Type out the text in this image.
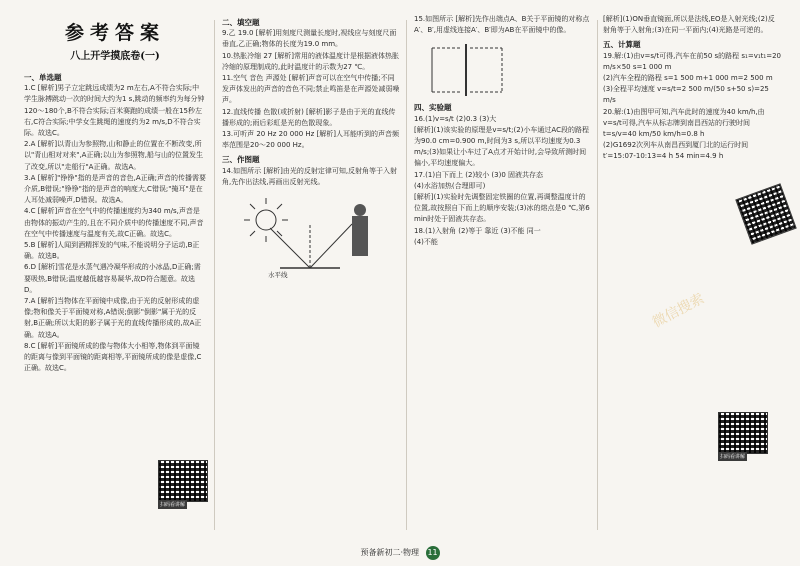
参考答案
八上开学摸底卷(一)
一、单选题

1.C [解析]男子立定跳远成绩为2 m左右,A不符合实际;中学生脉搏跳动一次的时间大约为1 s,跳动的频率约为每分钟120～180个,B不符合实际;百米赛跑的成绩一般在15秒左右,C符合实际;中学女生跳绳的速度约为2 m/s,D不符合实际。故选C。

2.A [解析]以青山为参照物,山和静止的位置在不断改变,所以"青山相对对来",A正确;以山为参照物,船与山的位置发生了改变,所以"走船行"A正确。故选A。

3.A [解析]"铮铮"指的是声音的音色,A正确;声音的传播需要介质,B错误;"铮铮"指的是声音的响度大,C错误;"掩耳"是在人耳处减弱噪声,D错误。故选A。

4.C [解析]声音在空气中的传播速度约为340 m/s,声音是由物体的振动产生的,且在不同介质中的传播速度不同,声音在空气中传播速度与温度有关,故C正确。故选C。

5.B [解析]人闻到酒精挥发的气味,不能说明分子运动,B正确。故选B。

6.D [解析]雪花是水蒸气遇冷凝华形成的小冰晶,D正确;需要吸热,B错误;温度越低越容易凝华,故D符合题意。故选D。

7.A [解析]当物体在平面镜中成像,由于光的反射形成的虚像;物和像关于平面镜对称,A错误;倒影"倒影"属于光的反射,B正确;所以太阳的影子属于光的直线传播形成的,故A正确。故选A。

8.C [解析]平面镜所成的像与物体大小相等,物体到平面镜的距离与像到平面镜的距离相等,平面镜所成的像是虚像,C正确。故选C。

二、填空题

9.乙 19.0 [解析]用刻度尺测量长度时,视线应与刻度尺面垂直,乙正确;物体的长度为19.0 mm。

10.热胀冷缩 27 [解析]常用的液体温度计是根据液体热胀冷缩的原理制成的,此时温度计的示数为27 ℃。

11.空气 音色 声源处 [解析]声音可以在空气中传播;不同发声体发出的声音的音色不同;禁止鸣笛是在声源处减弱噪声。

12.直线传播 色散(或折射) [解析]影子是由于光的直线传播形成的;雨后彩虹是光的色散现象。

13.可听声 20 Hz 20 000 Hz [解析]人耳能听到的声音频率范围是20～20 000 Hz。

三、作图题

14.如图所示 [解析]由光的反射定律可知,反射角等于入射角,先作出法线,再画出反射光线。

水平线

15.如图所示 [解析]先作出端点A、B关于平面镜的对称点A′、B′,用虚线连接A′、B′即为AB在平面镜中的像。

四、实验题

16.(1)v=s/t (2)0.3 (3)大

[解析](1)该实验的原理是v=s/t;(2)小车通过AC段的路程为90.0 cm=0.900 m,时间为3 s,所以平均速度为0.3 m/s;(3)如果让小车过了A点才开始计时,会导致所测时间偏小,平均速度偏大。

17.(1)自下而上 (2)较小 (3)0 固液共存态

(4)水浴加热(合理即可)

[解析](1)实验时先调整固定铁圈的位置,再调整温度计的位置,故按照自下而上的顺序安装;(3)冰的熔点是0 ℃,第6 min时处于固液共存态。

18.(1)入射角 (2)等于 靠近 (3)不能 同一

(4)不能

[解析](1)ON垂直镜面,所以是法线,EO是入射光线;(2)反射角等于入射角;(3)在同一平面内;(4)光路是可逆的。

五、计算题

19.解:(1)由v=s/t可得,汽车在前50 s的路程 s₁=v₁t₁=20 m/s×50 s=1 000 m

(2)汽车全程的路程 s=1 500 m+1 000 m=2 500 m

(3)全程平均速度 v=s/t=2 500 m/(50 s+50 s)=25 m/s

20.解:(1)由图甲可知,汽车此时的速度为40 km/h,由v=s/t可得,汽车从标志牌到南昌西站的行驶时间 t=s/v=40 km/50 km/h=0.8 h

(2)G1692次列车从南昌西到厦门北的运行时间 t′=15:07-10:13=4 h 54 min=4.9 h

扫码看讲解
扫码看讲解
微信搜索
预备新初二·物理 11
